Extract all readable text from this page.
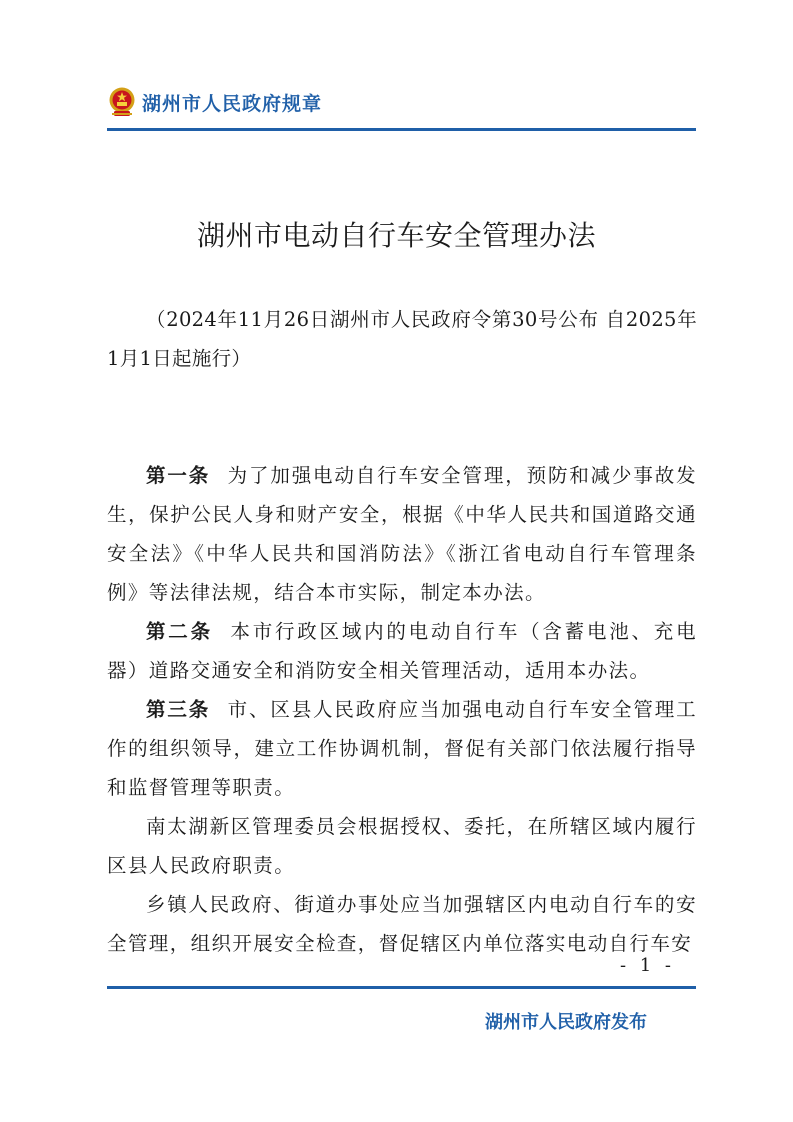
湖州市人民政府规章
湖州市电动自行车安全管理办法

（2024年11月26日湖州市人民政府令第30号公布 自2025年1月1日起施行）

第一条 为了加强电动自行车安全管理，预防和减少事故发生，保护公民人身和财产安全，根据《中华人民共和国道路交通安全法》《中华人民共和国消防法》《浙江省电动自行车管理条例》等法律法规，结合本市实际，制定本办法。

第二条 本市行政区域内的电动自行车（含蓄电池、充电器）道路交通安全和消防安全相关管理活动，适用本办法。

第三条 市、区县人民政府应当加强电动自行车安全管理工作的组织领导，建立工作协调机制，督促有关部门依法履行指导和监督管理等职责。

南太湖新区管理委员会根据授权、委托，在所辖区域内履行区县人民政府职责。

乡镇人民政府、街道办事处应当加强辖区内电动自行车的安全管理，组织开展安全检查，督促辖区内单位落实电动自行车安

- 1 -
湖州市人民政府发布
